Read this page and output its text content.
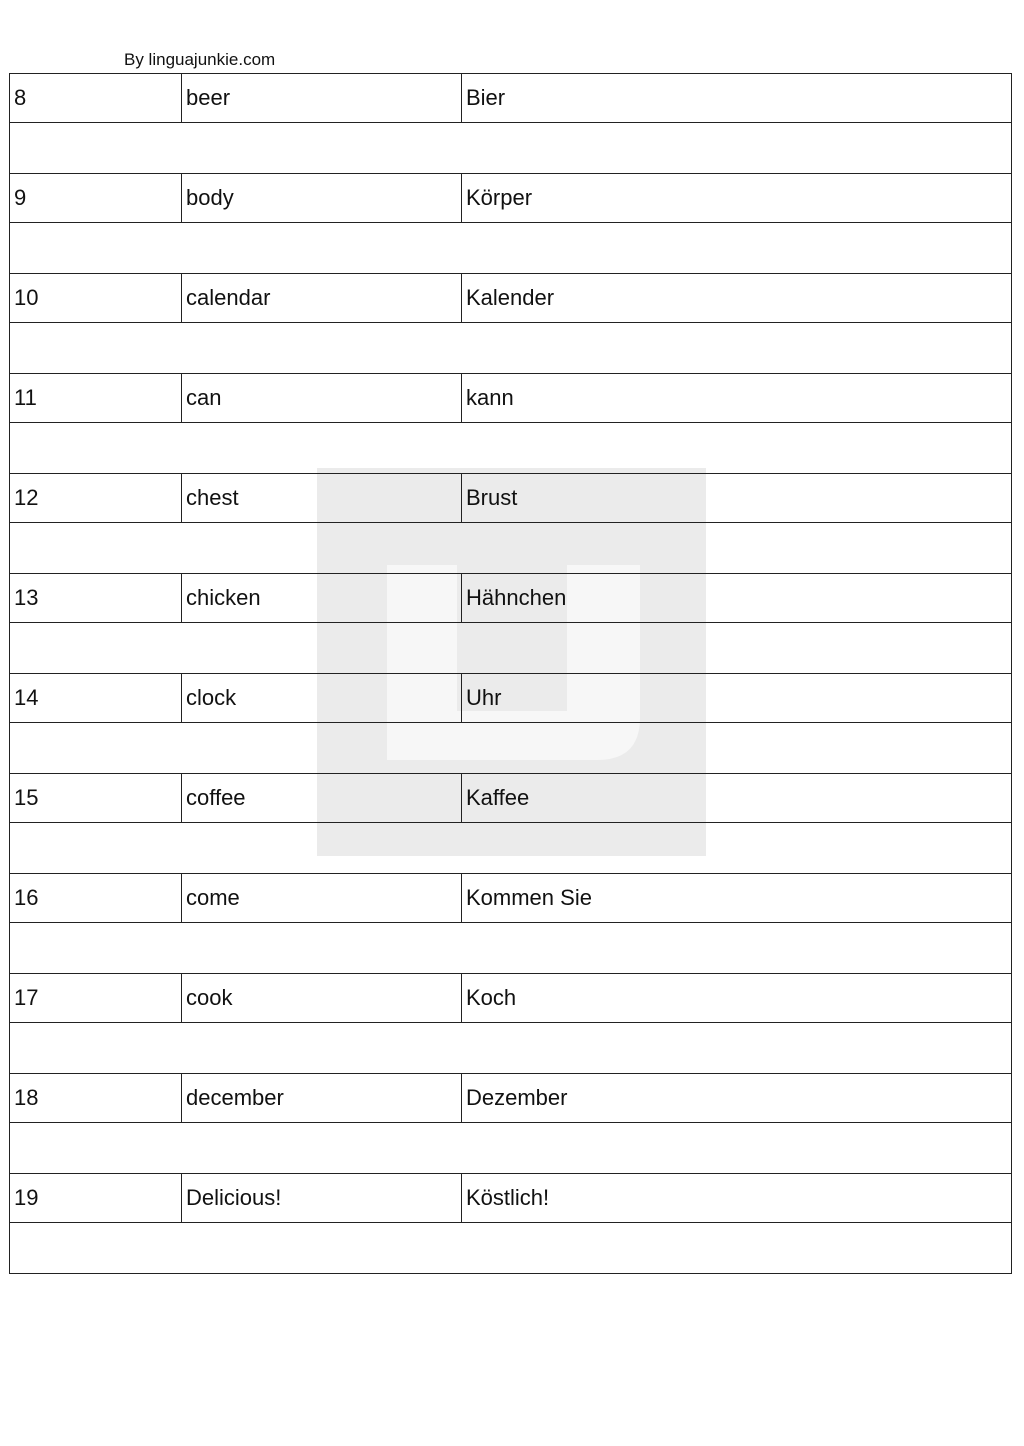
By linguajunkie.com
8	beer	Bier

9	body	Körper

10	calendar	Kalender

11	can	kann

12	chest	Brust

13	chicken	Hähnchen

14	clock	Uhr

15	coffee	Kaffee

16	come	Kommen Sie

17	cook	Koch

18	december	Dezember

19	Delicious!	Köstlich!
